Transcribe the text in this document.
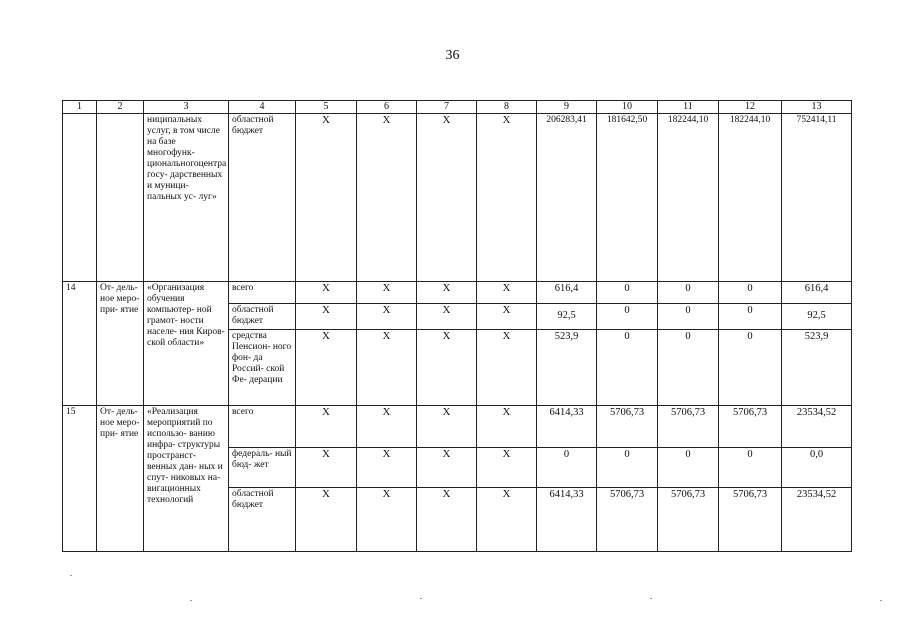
36
1	2	3	4	5	6	7	8	9	10	11	12	13
		ниципальных услуг, в том числе на базе многофунк- циональногоцентра госу- дарственных и муници- пальных ус- луг»	областной бюджет	X	X	X	X	206283,41	181642,50	182244,10	182244,10	752414,11
14	От- дель- ное меро- при- ятие	«Организация обучения компьютер- ной грамот- ности населе- ния Киров- ской области»	всего	X	X	X	X	616,4	0	0	0	616,4
			областной бюджет	X	X	X	X	92,5	0	0	0	92,5
			средства Пенсион- ного фон- да Россий- ской Фе- дерации	X	X	X	X	523,9	0	0	0	523,9
15	От- дель- ное меро- при- ятие	«Реализация мероприятий по использо- ванию инфра- структуры пространст- венных дан- ных и спут- никовых на- вигационных технологий	всего	X	X	X	X	6414,33	5706,73	5706,73	5706,73	23534,52
			федераль- ный бюд- жет	X	X	X	X	0	0	0	0	0,0
			областной бюджет	X	X	X	X	6414,33	5706,73	5706,73	5706,73	23534,52
